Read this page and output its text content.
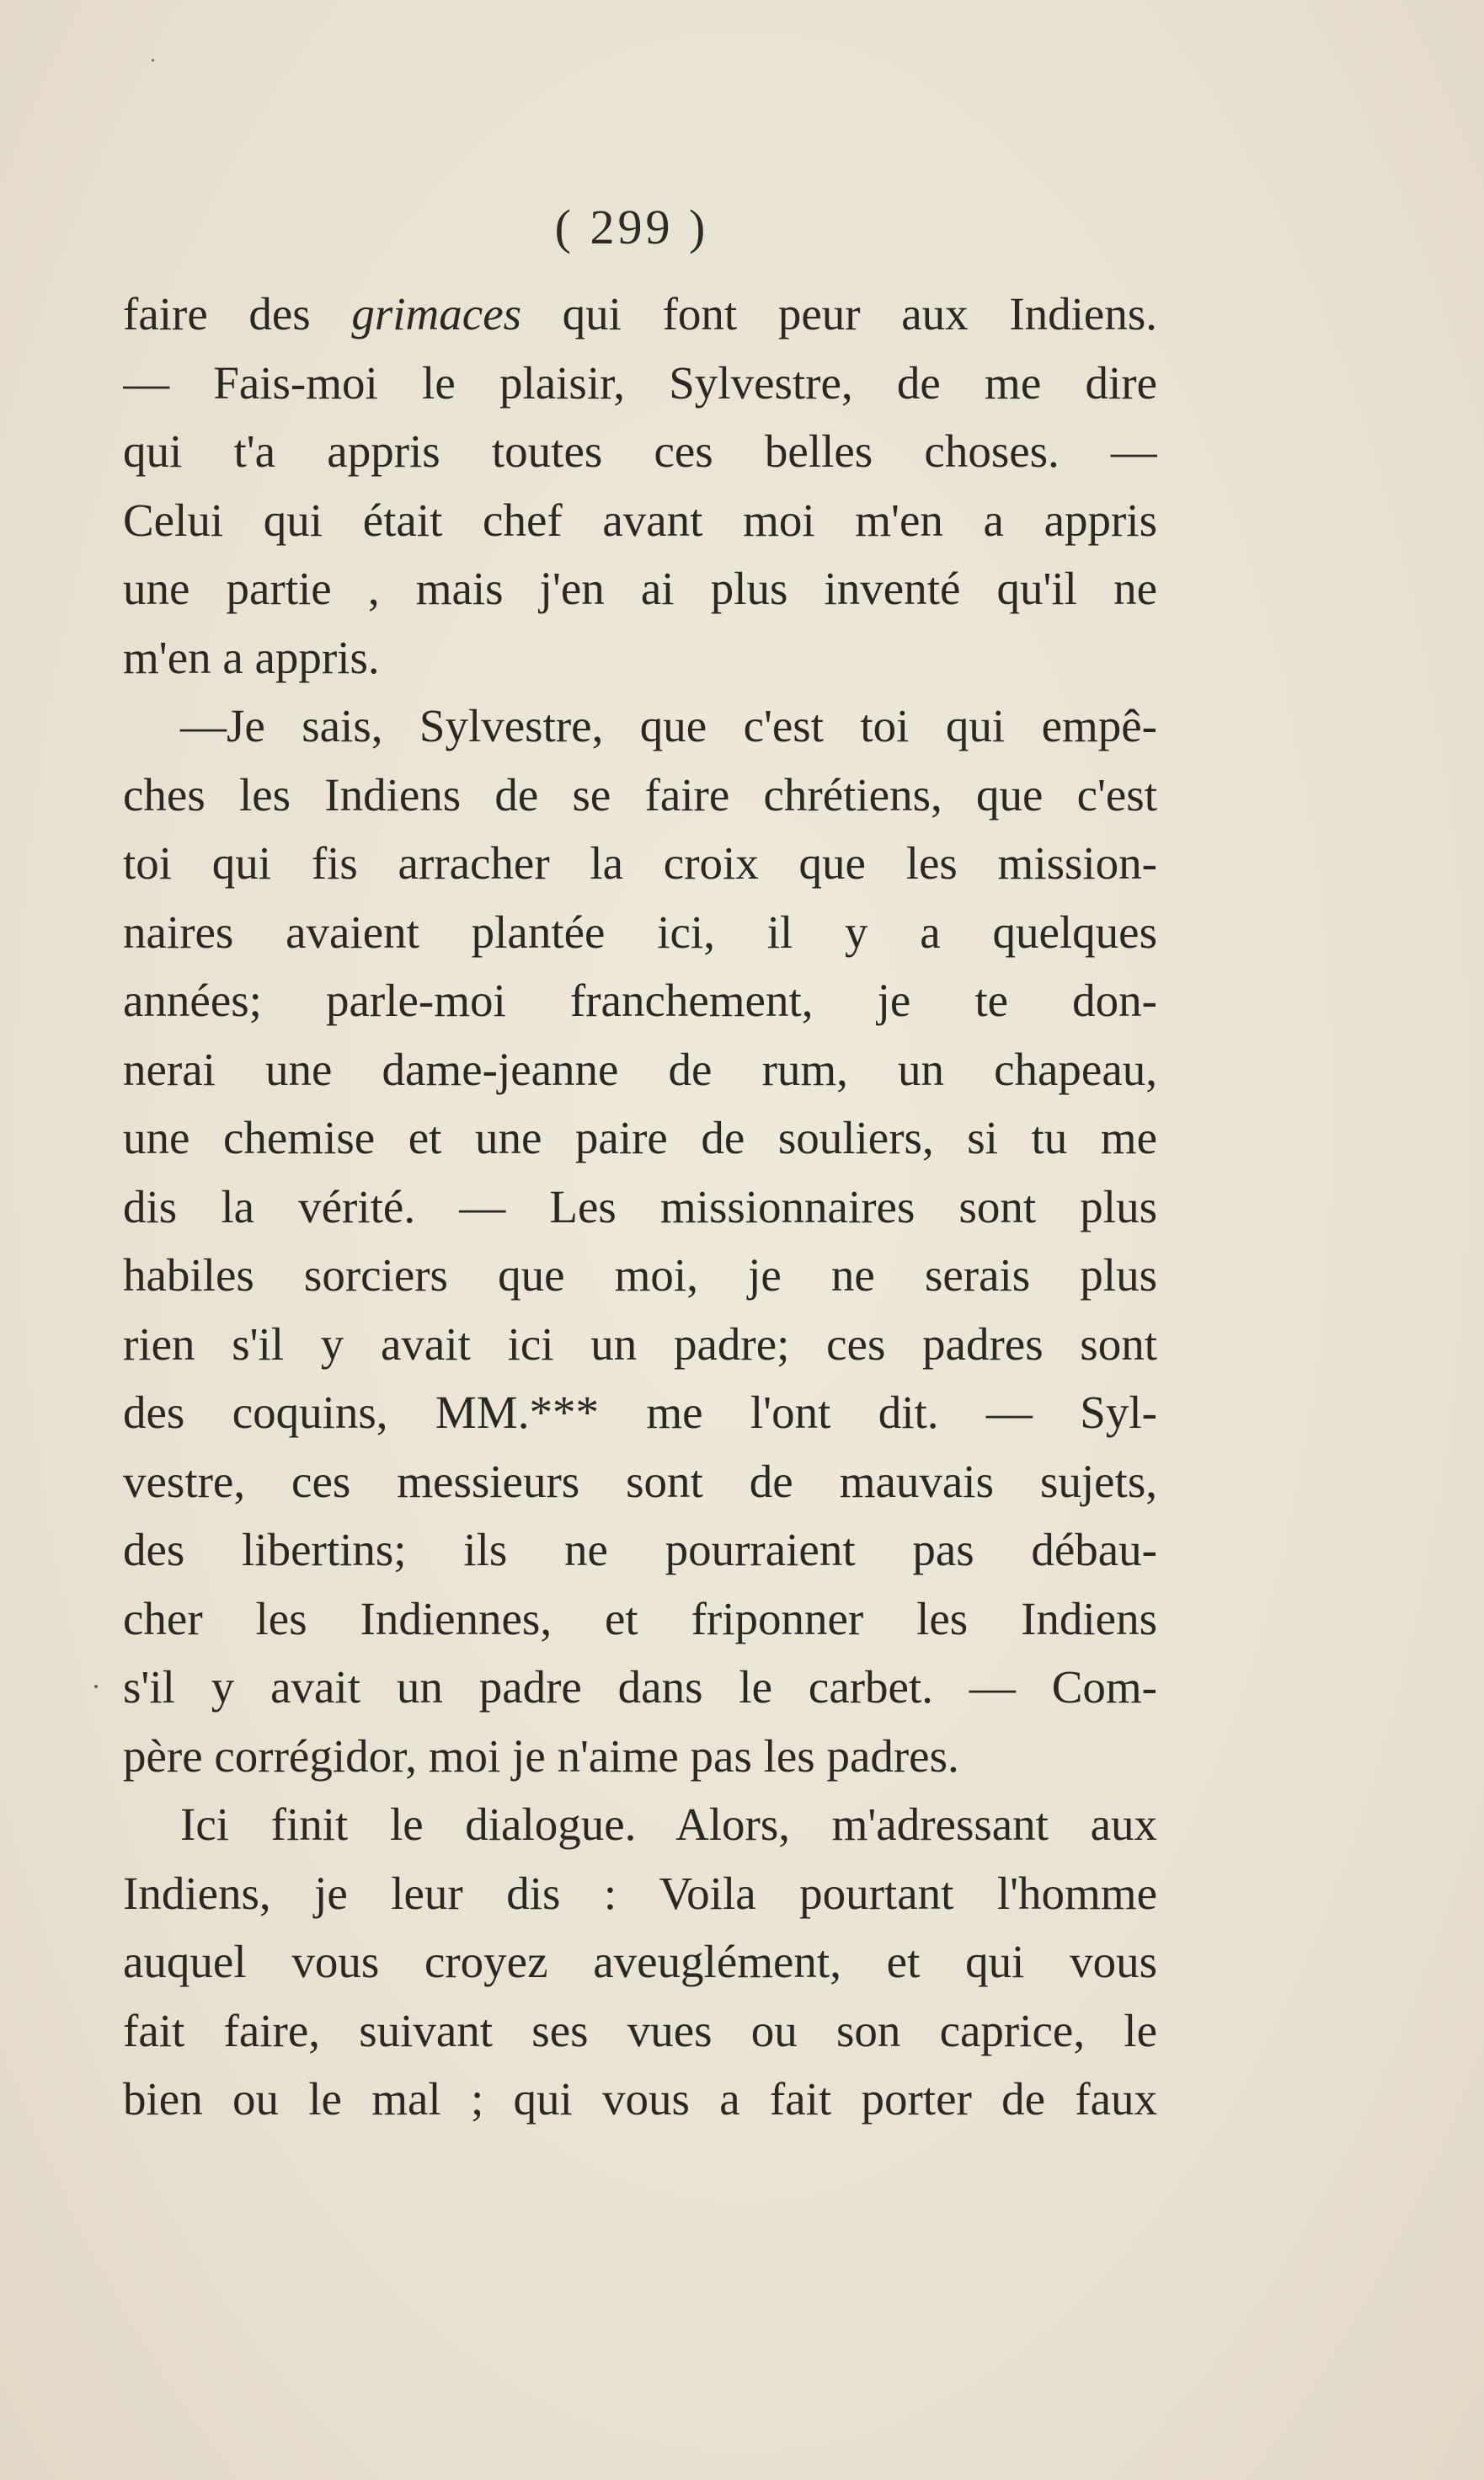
( 299 )
faire des grimaces qui font peur aux Indiens.
— Fais-moi le plaisir, Sylvestre, de me dire
qui t'a appris toutes ces belles choses. —
Celui qui était chef avant moi m'en a appris
une partie , mais j'en ai plus inventé qu'il ne
m'en a appris.
—Je sais, Sylvestre, que c'est toi qui empê-
ches les Indiens de se faire chrétiens, que c'est
toi qui fis arracher la croix que les mission-
naires avaient plantée ici, il y a quelques
années; parle-moi franchement, je te don-
nerai une dame-jeanne de rum, un chapeau,
une chemise et une paire de souliers, si tu me
dis la vérité. — Les missionnaires sont plus
habiles sorciers que moi, je ne serais plus
rien s'il y avait ici un padre; ces padres sont
des coquins, MM.*** me l'ont dit. — Syl-
vestre, ces messieurs sont de mauvais sujets,
des libertins; ils ne pourraient pas débau-
cher les Indiennes, et friponner les Indiens
s'il y avait un padre dans le carbet. — Com-
père corrégidor, moi je n'aime pas les padres.
Ici finit le dialogue. Alors, m'adressant aux
Indiens, je leur dis : Voila pourtant l'homme
auquel vous croyez aveuglément, et qui vous
fait faire, suivant ses vues ou son caprice, le
bien ou le mal ; qui vous a fait porter de faux
